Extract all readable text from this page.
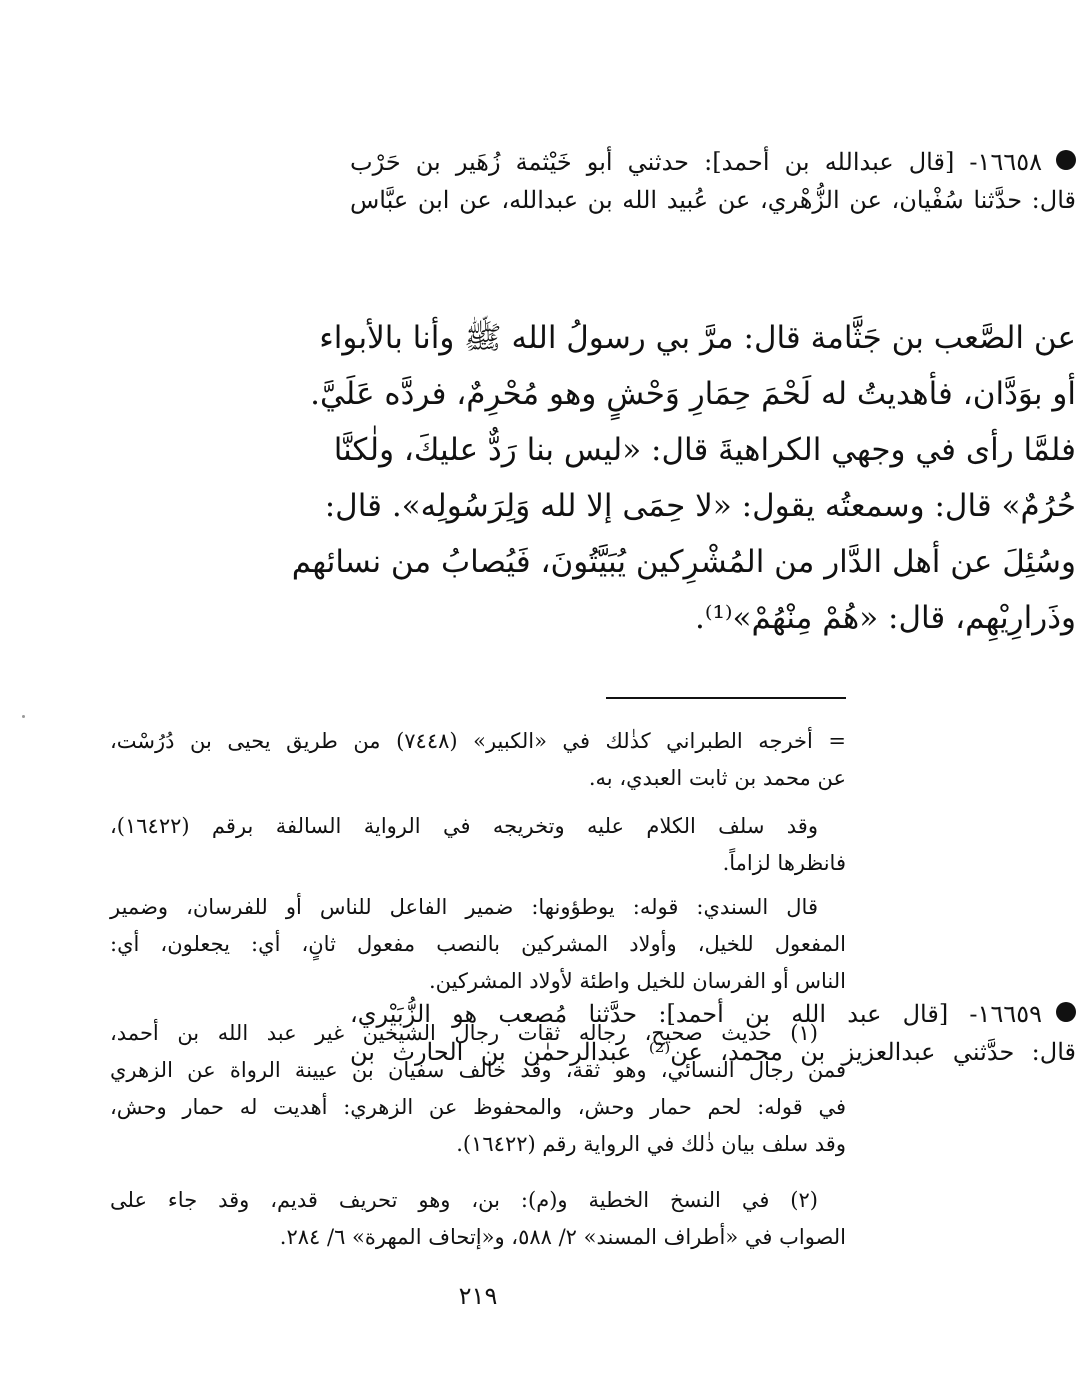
١٦٦٥٨- [قال عبدالله بن أحمد]: حدثني أبو خَيْثمة زُهَير بن حَرْب
قال: حدَّثنا سُفْيان، عن الزُّهْري، عن عُبيد الله بن عبدالله، عن ابن عبَّاس
عن الصَّعب بن جَثَّامة قال: مرَّ بي رسولُ الله ﷺ وأنا بالأبواء
أو بوَدَّان، فأهديتُ له لَحْمَ حِمَارِ وَحْشٍ وهو مُحْرِمٌ، فردَّه عَلَيَّ.
فلمَّا رأى في وجهي الكراهيةَ قال: «ليس بنا رَدٌّ عليكَ، ولٰكنَّا
حُرُمٌ» قال: وسمعتُه يقول: «لا حِمَى إلا لله وَلِرَسُولِه». قال:
وسُئِلَ عن أهل الدَّار من المُشْرِكين يُبَيَّتُونَ، فَيُصابُ من نسائهم
وذَرارِيْهِم، قال: «هُمْ مِنْهُمْ»⁽¹⁾.
١٦٦٥٩- [قال عبد الله بن أحمد]: حدَّثنا مُصعب هو الزُّبَيْري،
قال: حدَّثني عبدالعزيز بن محمد، عن⁽²⁾ عبدالرحمٰن بن الحارث بن
= أخرجه الطبراني كذٰلك في «الكبير» (٧٤٤٨) من طريق يحيى بن دُرُسْت،
عن محمد بن ثابت العبدي، به.
وقد سلف الكلام عليه وتخريجه في الرواية السالفة برقم (١٦٤٢٢)،
فانظرها لزاماً.
قال السندي: قوله: يوطؤونها: ضمير الفاعل للناس أو للفرسان، وضمير
المفعول للخيل، وأولاد المشركين بالنصب مفعول ثانٍ، أي: يجعلون، أي:
الناس أو الفرسان للخيل واطئة لأولاد المشركين.
(١) حديث صحيح، رجاله ثقات رجال الشيخين غير عبد الله بن أحمد،
فمن رجال النسائي، وهو ثقة، وقد خالف سفيان بن عيينة الرواة عن الزهري
في قوله: لحم حمار وحش، والمحفوظ عن الزهري: أهديت له حمار وحش،
وقد سلف بيان ذٰلك في الرواية رقم (١٦٤٢٢).
(٢) في النسخ الخطية و(م): بن، وهو تحريف قديم، وقد جاء على
الصواب في «أطراف المسند» ٢/ ٥٨٨، و«إتحاف المهرة» ٦/ ٢٨٤.
٢١٩
